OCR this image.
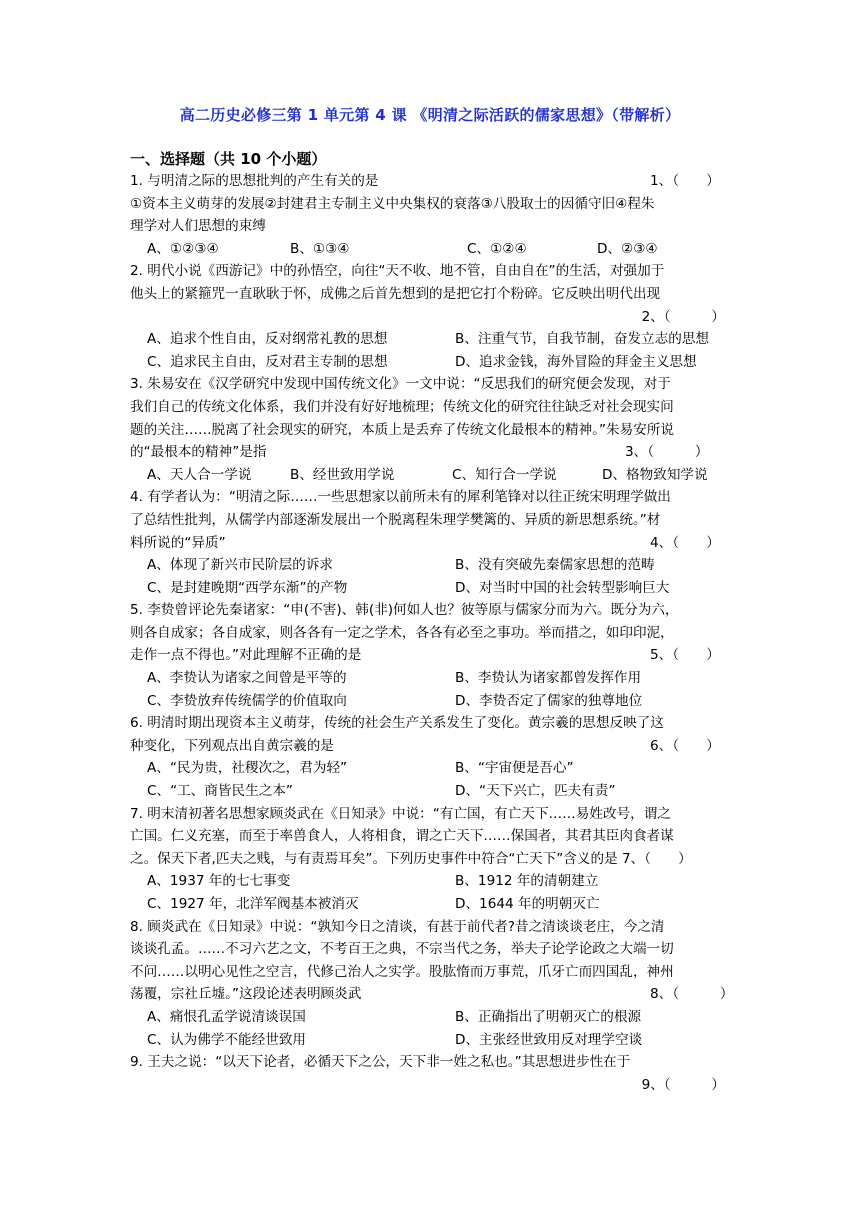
高二历史必修三第 1 单元第 4 课 《明清之际活跃的儒家思想》（带解析）
一、选择题（共 10 个小题）
1. 与明清之际的思想批判的产生有关的是	1、（　　）
①资本主义萌芽的发展②封建君主专制主义中央集权的衰落③八股取士的因循守旧④程朱
理学对人们思想的束缚
A、①②③④	B、①③④	C、①②④	D、②③④
2. 明代小说《西游记》中的孙悟空，向往“天不收、地不管，自由自在”的生活，对强加于
他头上的紧箍咒一直耿耿于怀，成佛之后首先想到的是把它打个粉碎。它反映出明代出现
2、（　　　）
A、追求个性自由，反对纲常礼教的思想	B、注重气节，自我节制，奋发立志的思想
C、追求民主自由，反对君主专制的思想	D、追求金钱，海外冒险的拜金主义思想
3. 朱易安在《汉学研究中发现中国传统文化》一文中说：“反思我们的研究便会发现，对于
我们自己的传统文化体系，我们并没有好好地梳理；传统文化的研究往往缺乏对社会现实问
题的关注……脱离了社会现实的研究，本质上是丢弃了传统文化最根本的精神。”朱易安所说
的“最根本的精神”是指	3、（　　　）
A、天人合一学说	B、经世致用学说	C、知行合一学说	D、格物致知学说
4. 有学者认为：“明清之际……一些思想家以前所未有的犀利笔锋对以往正统宋明理学做出
了总结性批判，从儒学内部逐渐发展出一个脱离程朱理学樊篱的、异质的新思想系统。”材
料所说的“异质”	4、（　　）
A、体现了新兴市民阶层的诉求	B、没有突破先秦儒家思想的范畴
C、是封建晚期“西学东渐”的产物	D、对当时中国的社会转型影响巨大
5. 李贽曾评论先秦诸家：“申(不害)、韩(非)何如人也？彼等原与儒家分而为六。既分为六，
则各自成家；各自成家，则各各有一定之学术，各各有必至之事功。举而措之，如印印泥，
走作一点不得也。”对此理解不正确的是	5、（　　）
A、李贽认为诸家之间曾是平等的	B、李贽认为诸家都曾发挥作用
C、李贽放弃传统儒学的价值取向	D、李贽否定了儒家的独尊地位
6. 明清时期出现资本主义萌芽，传统的社会生产关系发生了变化。黄宗羲的思想反映了这
种变化，下列观点出自黄宗羲的是	6、（　　）
A、“民为贵，社稷次之，君为轻”	B、“宇宙便是吾心”
C、“工、商皆民生之本”	D、“天下兴亡，匹夫有责”
7. 明末清初著名思想家顾炎武在《日知录》中说：“有亡国，有亡天下……易姓改号，谓之
亡国。仁义充塞，而至于率兽食人，人将相食，谓之亡天下……保国者，其君其臣肉食者谋
之。保天下者,匹夫之贱，与有责焉耳矣”。下列历史事件中符合“亡天下”含义的是 7、（　　）
A、1937 年的七七事变	B、1912 年的清朝建立
C、1927 年，北洋军阀基本被消灭	D、1644 年的明朝灭亡
8. 顾炎武在《日知录》中说：“孰知今日之清谈，有甚于前代者?昔之清谈谈老庄，今之清
谈谈孔孟。……不习六艺之文，不考百王之典，不宗当代之务，举夫子论学论政之大端一切
不问……以明心见性之空言，代修己治人之实学。股肱惰而万事荒，爪牙亡而四国乱，神州
荡覆，宗社丘墟。”这段论述表明顾炎武	8、（　　　）
A、痛恨孔孟学说清谈误国	B、正确指出了明朝灭亡的根源
C、认为佛学不能经世致用	D、主张经世致用反对理学空谈
9. 王夫之说：“以天下论者，必循天下之公，天下非一姓之私也。”其思想进步性在于
9、（　　　）
